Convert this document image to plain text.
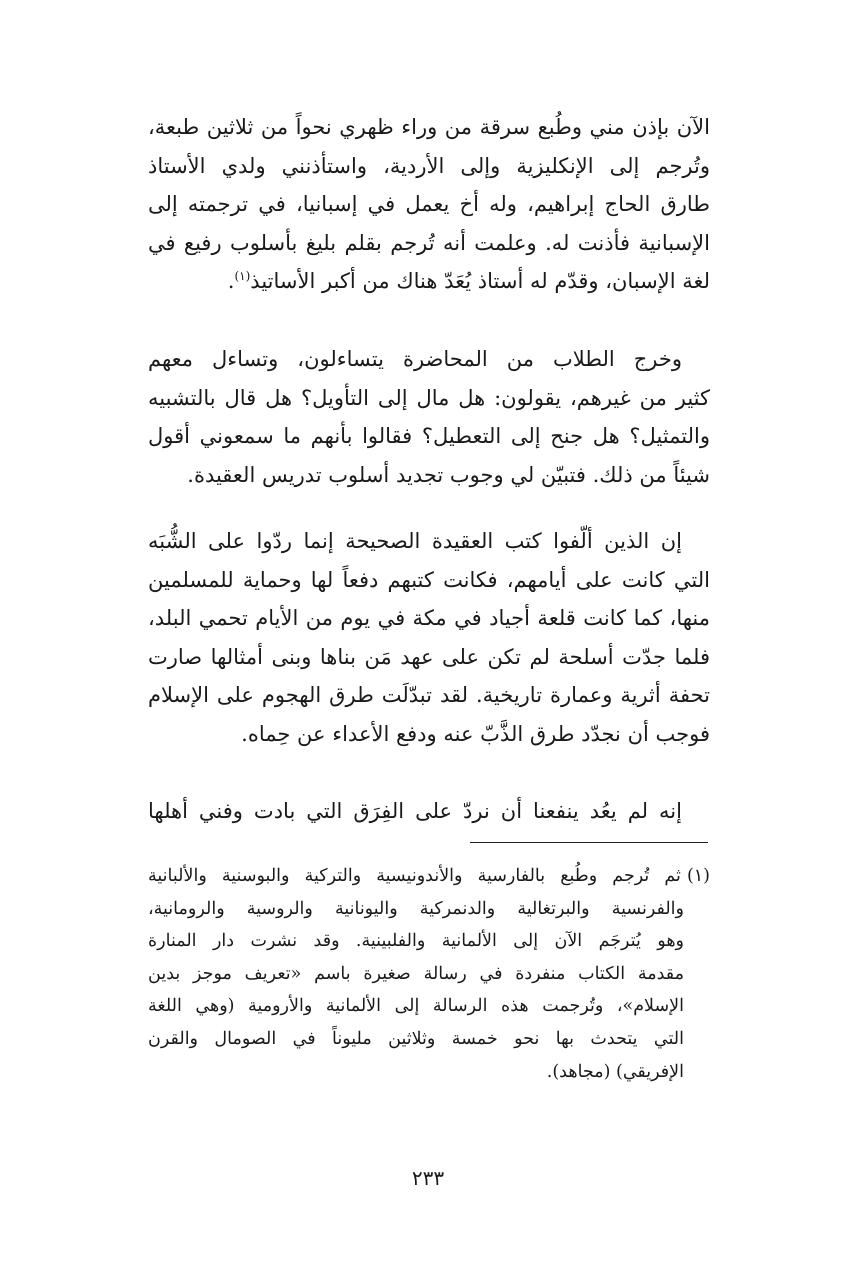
الآن بإذن مني وطُبع سرقة من وراء ظهري نحواً من ثلاثين طبعة،
وتُرجم إلى الإنكليزية وإلى الأردية، واستأذنني ولدي الأستاذ
طارق الحاج إبراهيم، وله أخ يعمل في إسبانيا، في ترجمته إلى
الإسبانية فأذنت له. وعلمت أنه تُرجم بقلم بليغ بأسلوب رفيع في
لغة الإسبان، وقدّم له أستاذ يُعَدّ هناك من أكبر الأساتيذ$^{(١)}$.
وخرج الطلاب من المحاضرة يتساءلون، وتساءل معهم
كثير من غيرهم، يقولون: هل مال إلى التأويل؟ هل قال بالتشبيه
والتمثيل؟ هل جنح إلى التعطيل؟ فقالوا بأنهم ما سمعوني أقول
شيئاً من ذلك. فتبيّن لي وجوب تجديد أسلوب تدريس العقيدة.
إن الذين ألّفوا كتب العقيدة الصحيحة إنما ردّوا على الشُّبَه
التي كانت على أيامهم، فكانت كتبهم دفعاً لها وحماية للمسلمين
منها، كما كانت قلعة أجياد في مكة في يوم من الأيام تحمي البلد،
فلما جدّت أسلحة لم تكن على عهد مَن بناها وبنى أمثالها صارت
تحفة أثرية وعمارة تاريخية. لقد تبدّلَت طرق الهجوم على الإسلام
فوجب أن نجدّد طرق الذَّبّ عنه ودفع الأعداء عن حِماه.
إنه لم يعُد ينفعنا أن نردّ على الفِرَق التي بادت وفني أهلها
(١)ثم تُرجم وطُبع بالفارسية والأندونيسية والتركية والبوسنية والألبانية
والفرنسية والبرتغالية والدنمركية واليونانية والروسية والرومانية،
وهو يُترجَم الآن إلى الألمانية والفلبينية. وقد نشرت دار المنارة
مقدمة الكتاب منفردة في رسالة صغيرة باسم «تعريف موجز بدين
الإسلام»، وتُرجمت هذه الرسالة إلى الألمانية والأرومية (وهي اللغة
التي يتحدث بها نحو خمسة وثلاثين مليوناً في الصومال والقرن
الإفريقي) (مجاهد).
٢٣٣
